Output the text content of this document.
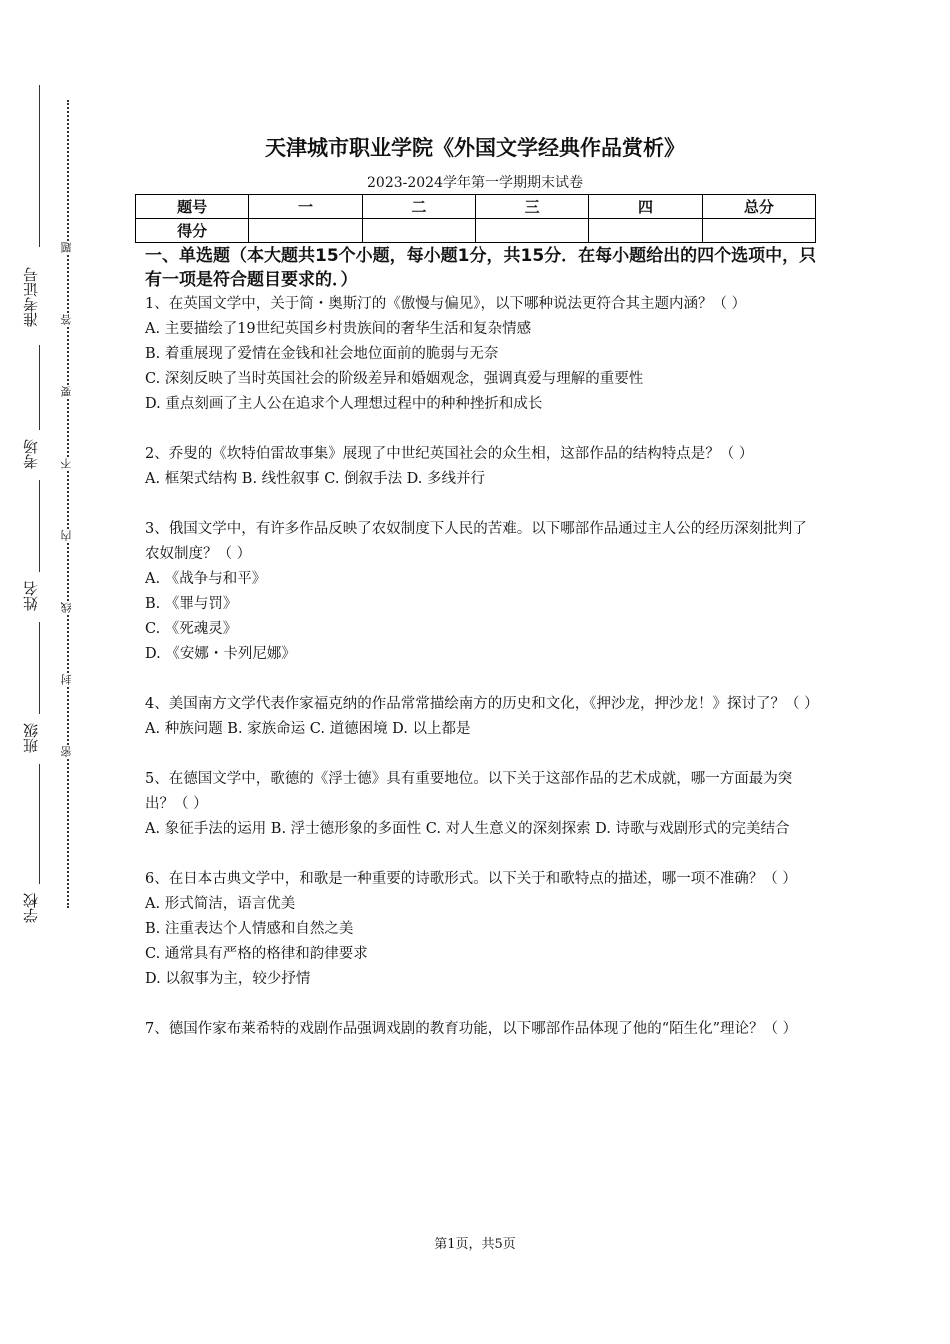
准考证号
考场
姓名
班级
学校
题
答
要
不
内
线
封
密
天津城市职业学院《外国文学经典作品赏析》
2023-2024学年第一学期期末试卷
题号	一	二	三	四	总分
得分					
一、单选题（本大题共15个小题，每小题1分，共15分．在每小题给出的四个选项中，只有一项是符合题目要求的．）

1、在英国文学中，关于简・奥斯汀的《傲慢与偏见》，以下哪种说法更符合其主题内涵？（ ）

A. 主要描绘了19世纪英国乡村贵族间的奢华生活和复杂情感

B. 着重展现了爱情在金钱和社会地位面前的脆弱与无奈

C. 深刻反映了当时英国社会的阶级差异和婚姻观念，强调真爱与理解的重要性

D. 重点刻画了主人公在追求个人理想过程中的种种挫折和成长

2、乔叟的《坎特伯雷故事集》展现了中世纪英国社会的众生相，这部作品的结构特点是？（ ）

A. 框架式结构 B. 线性叙事 C. 倒叙手法 D. 多线并行

3、俄国文学中，有许多作品反映了农奴制度下人民的苦难。以下哪部作品通过主人公的经历深刻批判了农奴制度？（ ）

A. 《战争与和平》

B. 《罪与罚》

C. 《死魂灵》

D. 《安娜・卡列尼娜》

4、美国南方文学代表作家福克纳的作品常常描绘南方的历史和文化，《押沙龙，押沙龙！》探讨了？（ ）

A. 种族问题 B. 家族命运 C. 道德困境 D. 以上都是

5、在德国文学中，歌德的《浮士德》具有重要地位。以下关于这部作品的艺术成就，哪一方面最为突出？（ ）

A. 象征手法的运用 B. 浮士德形象的多面性 C. 对人生意义的深刻探索 D. 诗歌与戏剧形式的完美结合

6、在日本古典文学中，和歌是一种重要的诗歌形式。以下关于和歌特点的描述，哪一项不准确？（ ）

A. 形式简洁，语言优美

B. 注重表达个人情感和自然之美

C. 通常具有严格的格律和韵律要求

D. 以叙事为主，较少抒情

7、德国作家布莱希特的戏剧作品强调戏剧的教育功能，以下哪部作品体现了他的“陌生化”理论？（ ）

第1页，共5页
